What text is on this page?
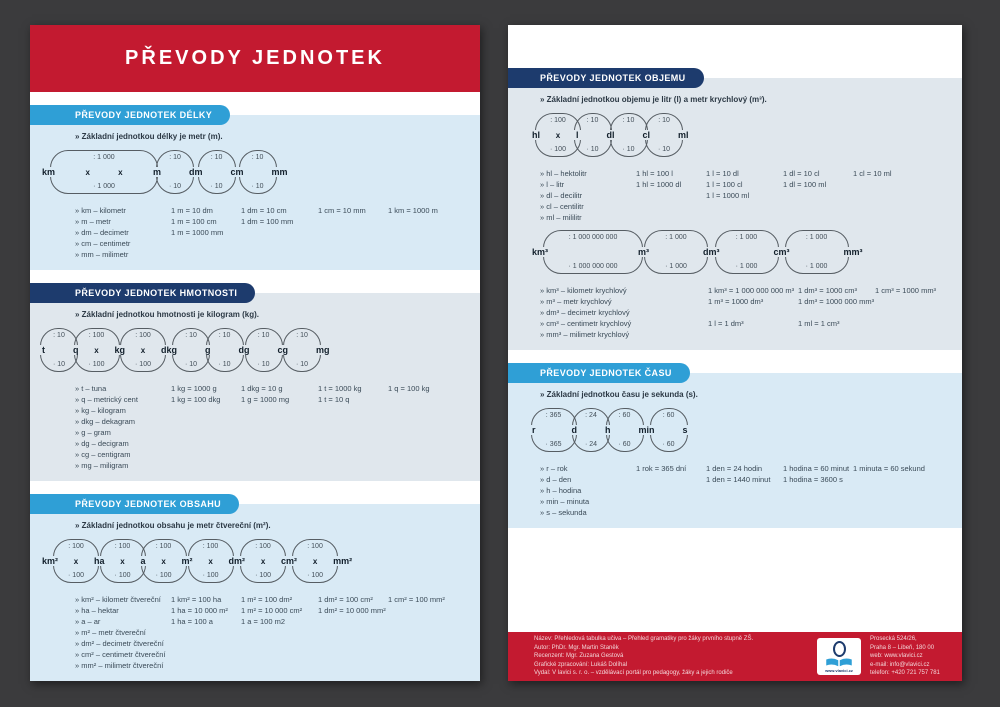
PŘEVODY JEDNOTEK
PŘEVODY JEDNOTEK DÉLKY
» Základní jednotkou délky je metr (m).
km
: 1 000
x x
· 1 000
m
: 10
· 10
dm
: 10
· 10
cm
: 10
· 10
mm
» km – kilometr
» m – metr
» dm – decimetr
» cm – centimetr
» mm – milimetr
1 m = 10 dm
1 m = 100 cm
1 m = 1000 mm
1 dm = 10 cm
1 dm = 100 mm
1 cm = 10 mm	1 km = 1000 m
PŘEVODY JEDNOTEK HMOTNOSTI
» Základní jednotkou hmotnosti je kilogram (kg).
t
: 10
· 10
q
: 100
x
· 100
kg
: 100
x
· 100
dkg
: 10
· 10
g
: 10
· 10
dg
: 10
· 10
cg
: 10
· 10
mg
» t – tuna
» q – metrický cent
» kg – kilogram
» dkg – dekagram
» g – gram
» dg – decigram
» cg – centigram
» mg – miligram
1 kg = 1000 g
1 kg = 100 dkg
1 dkg = 10 g
1 g = 1000 mg
1 t = 1000 kg
1 t = 10 q
1 q = 100 kg
PŘEVODY JEDNOTEK OBSAHU
» Základní jednotkou obsahu je metr čtvereční (m²).
km²
: 100
x
· 100
ha
: 100
x
· 100
a
: 100
x
· 100
m²
: 100
x
· 100
dm²
: 100
x
· 100
cm²
: 100
x
· 100
mm²
» km² – kilometr čtvereční
» ha – hektar
» a – ar
» m² – metr čtvereční
» dm² – decimetr čtvereční
» cm² – centimetr čtvereční
» mm² – milimetr čtvereční
1 km² = 100 ha
1 ha = 10 000 m²
1 ha = 100 a
1 m² = 100 dm²
1 m² = 10 000 cm²
1 a = 100 m2
1 dm² = 100 cm²
1 dm² = 10 000 mm²
1 cm² = 100 mm²
PŘEVODY JEDNOTEK OBJEMU
» Základní jednotkou objemu je litr (l) a metr krychlový (m³).
hl
: 100
x
· 100
l
: 10
· 10
dl
: 10
· 10
cl
: 10
· 10
ml
» hl – hektolitr
» l – litr
» dl – decilitr
» cl – centilitr
» ml – mililitr
1 hl = 100 l
1 hl = 1000 dl
1 l = 10 dl
1 l = 100 cl
1 l = 1000 ml
1 dl = 10 cl
1 dl = 100 ml
1 cl = 10 ml
km³
: 1 000 000 000
· 1 000 000 000
m³
: 1 000
· 1 000
dm³
: 1 000
· 1 000
cm³
: 1 000
· 1 000
mm³
» km³ – kilometr krychlový
» m³ – metr krychlový
» dm³ – decimetr krychlový
» cm³ – centimetr krychlový
» mm³ – milimetr krychlový
1 km³ = 1 000 000 000 m³
1 m³ = 1000 dm³

1 l = 1 dm³
1 dm³ = 1000 cm³
1 dm³ = 1000 000 mm³

1 ml = 1 cm³
1 cm³ = 1000 mm³
PŘEVODY JEDNOTEK ČASU
» Základní jednotkou času je sekunda (s).
r
: 365
· 365
d
: 24
· 24
h
: 60
· 60
min
: 60
· 60
s
» r – rok
» d – den
» h – hodina
» min – minuta
» s – sekunda
1 rok = 365 dní	1 den = 24 hodin
1 den = 1440 minut
1 hodina = 60 minut
1 hodina = 3600 s
1 minuta = 60 sekund
Název: Přehledová tabulka učiva – Přehled gramatiky pro žáky prvního stupně ZŠ.
Autor: PhDr. Mgr. Martin Staněk
Recenzent: Mgr. Zuzana Gestová
Grafické zpracování: Lukáš Dolíhal
Vydal: V lavici s. r. o. – vzdělávací portál pro pedagogy, žáky a jejich rodiče
www.vlavici.cz
Prosecká 524/26,
Praha 8 – Libeň, 180 00
web: www.vlavici.cz
e-mail: info@vlavici.cz
telefon: +420 721 757 781
